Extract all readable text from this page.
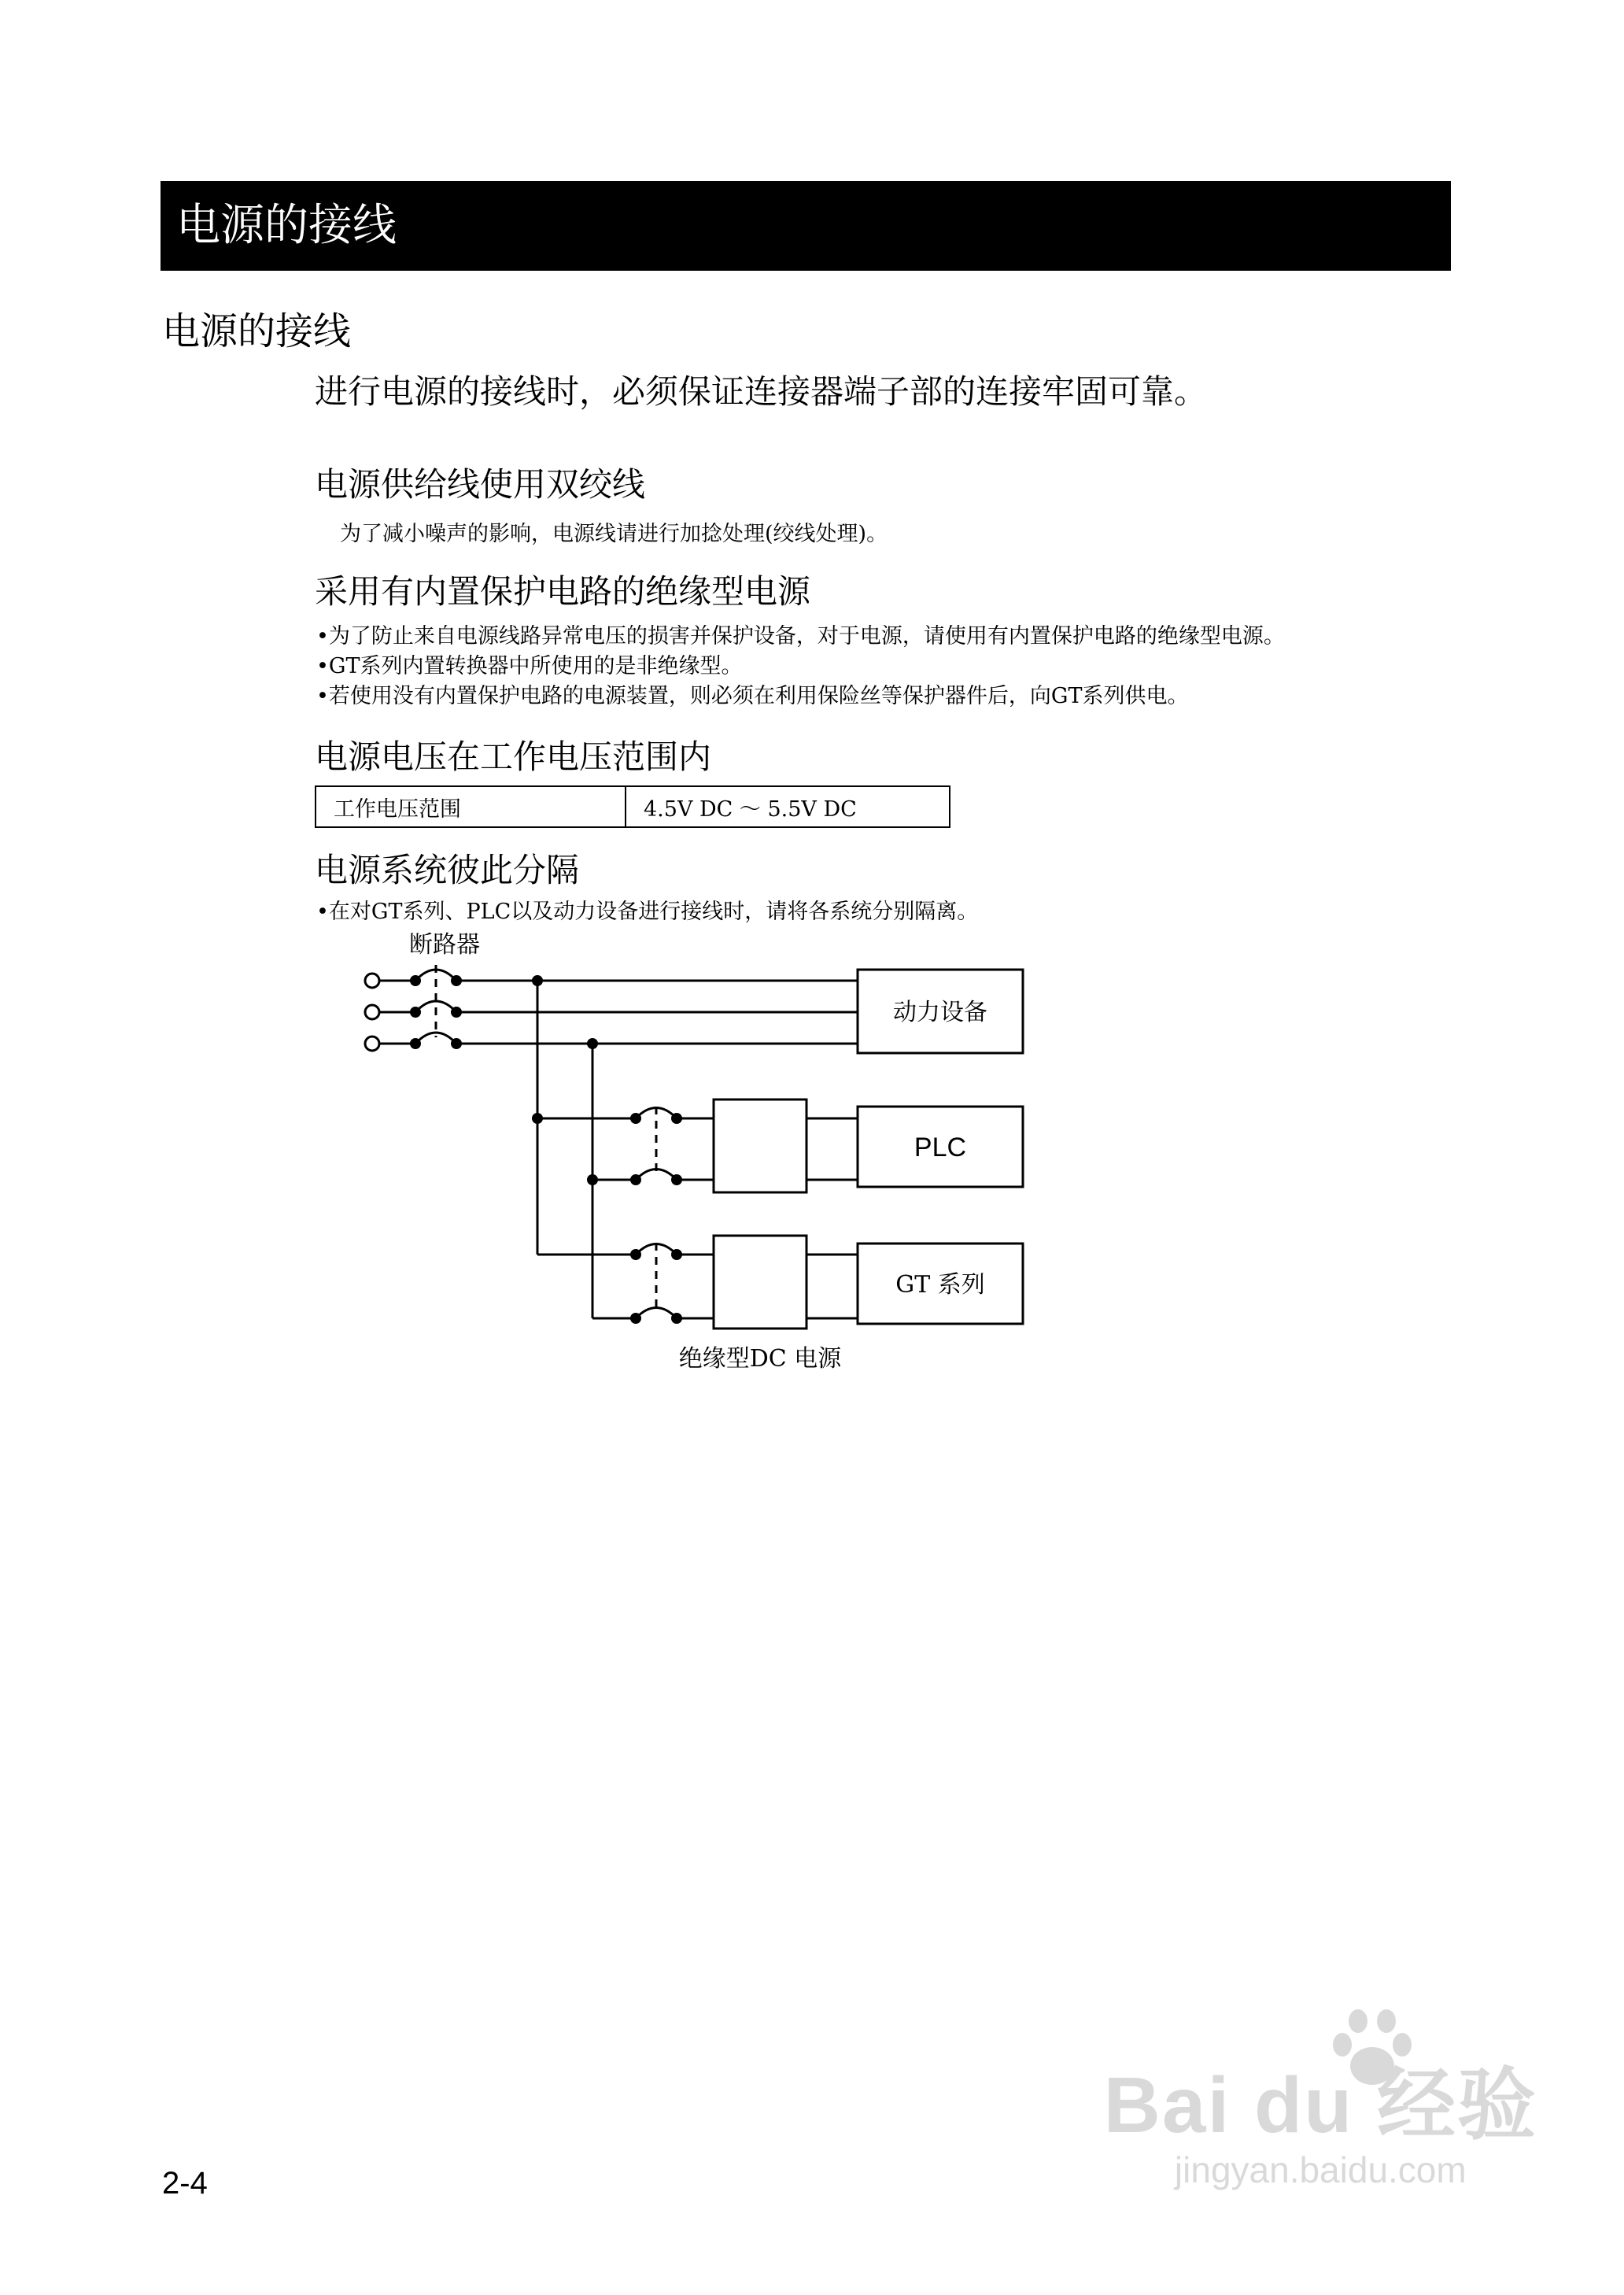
电源的接线
电源的接线
进行电源的接线时，必须保证连接器端子部的连接牢固可靠。
电源供给线使用双绞线
为了减小噪声的影响，电源线请进行加捻处理(绞线处理)。
采用有内置保护电路的绝缘型电源
•为了防止来自电源线路异常电压的损害并保护设备，对于电源，请使用有内置保护电路的绝缘型电源。
•GT系列内置转换器中所使用的是非绝缘型。
•若使用没有内置保护电路的电源装置，则必须在利用保险丝等保护器件后，向GT系列供电。
电源电压在工作电压范围内
工作电压范围	4.5V DC ～ 5.5V DC
电源系统彼此分隔
•在对GT系列、PLC以及动力设备进行接线时，请将各系统分别隔离。
断路器
动力设备
PLC
GT 系列
绝缘型DC 电源
2-4
Bai du 经验
jingyan.baidu.com
